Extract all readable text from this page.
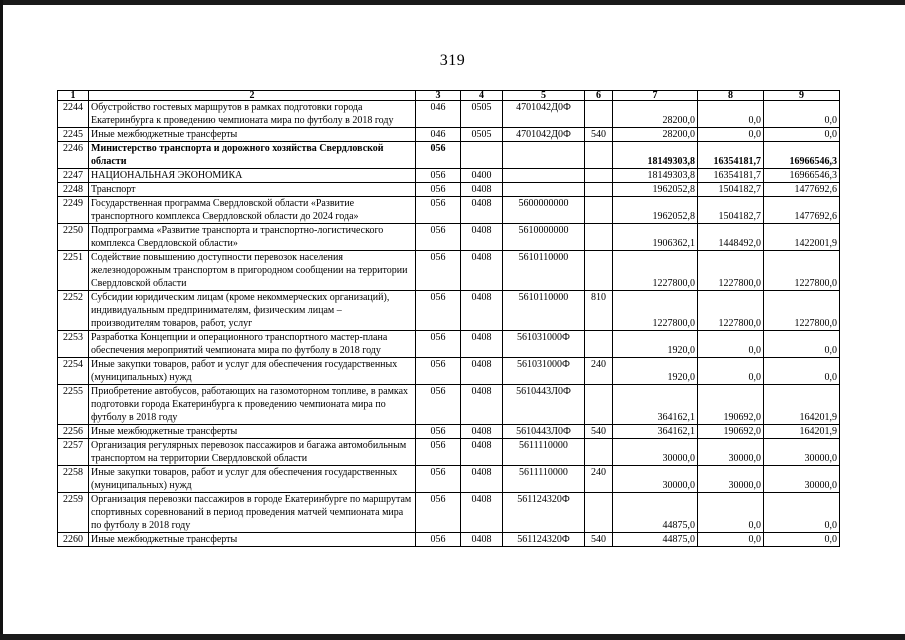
319
1	2	3	4	5	6	7	8	9
2244	Обустройство гостевых маршрутов в рамках подготовки города Екатеринбурга к проведению чемпионата мира по футболу в 2018 году	046	0505	4701042Д0Ф		28200,0	0,0	0,0
2245	Иные межбюджетные трансферты	046	0505	4701042Д0Ф	540	28200,0	0,0	0,0
2246	Министерство транспорта и дорожного хозяйства Свердловской области	056				18149303,8	16354181,7	16966546,3
2247	НАЦИОНАЛЬНАЯ ЭКОНОМИКА	056	0400			18149303,8	16354181,7	16966546,3
2248	Транспорт	056	0408			1962052,8	1504182,7	1477692,6
2249	Государственная программа Свердловской области «Развитие транспортного комплекса Свердловской области до 2024 года»	056	0408	5600000000		1962052,8	1504182,7	1477692,6
2250	Подпрограмма «Развитие транспорта и транспортно-логистического комплекса Свердловской области»	056	0408	5610000000		1906362,1	1448492,0	1422001,9
2251	Содействие повышению доступности перевозок населения железнодорожным транспортом в пригородном сообщении на территории Свердловской области	056	0408	5610110000		1227800,0	1227800,0	1227800,0
2252	Субсидии юридическим лицам (кроме некоммерческих организаций), индивидуальным предпринимателям, физическим лицам – производителям товаров, работ, услуг	056	0408	5610110000	810	1227800,0	1227800,0	1227800,0
2253	Разработка Концепции и операционного транспортного мастер-плана обеспечения мероприятий чемпионата мира по футболу в 2018 году	056	0408	561031000Ф		1920,0	0,0	0,0
2254	Иные закупки товаров, работ и услуг для обеспечения государственных (муниципальных) нужд	056	0408	561031000Ф	240	1920,0	0,0	0,0
2255	Приобретение автобусов, работающих на газомоторном топливе, в рамках подготовки города Екатеринбурга к проведению чемпионата мира по футболу в 2018 году	056	0408	5610443Л0Ф		364162,1	190692,0	164201,9
2256	Иные межбюджетные трансферты	056	0408	5610443Л0Ф	540	364162,1	190692,0	164201,9
2257	Организация регулярных перевозок пассажиров и багажа автомобильным транспортом на территории Свердловской области	056	0408	5611110000		30000,0	30000,0	30000,0
2258	Иные закупки товаров, работ и услуг для обеспечения государственных (муниципальных) нужд	056	0408	5611110000	240	30000,0	30000,0	30000,0
2259	Организация перевозки пассажиров в городе Екатеринбурге по маршрутам спортивных соревнований в период проведения матчей чемпионата мира по футболу в 2018 году	056	0408	561124320Ф		44875,0	0,0	0,0
2260	Иные межбюджетные трансферты	056	0408	561124320Ф	540	44875,0	0,0	0,0
